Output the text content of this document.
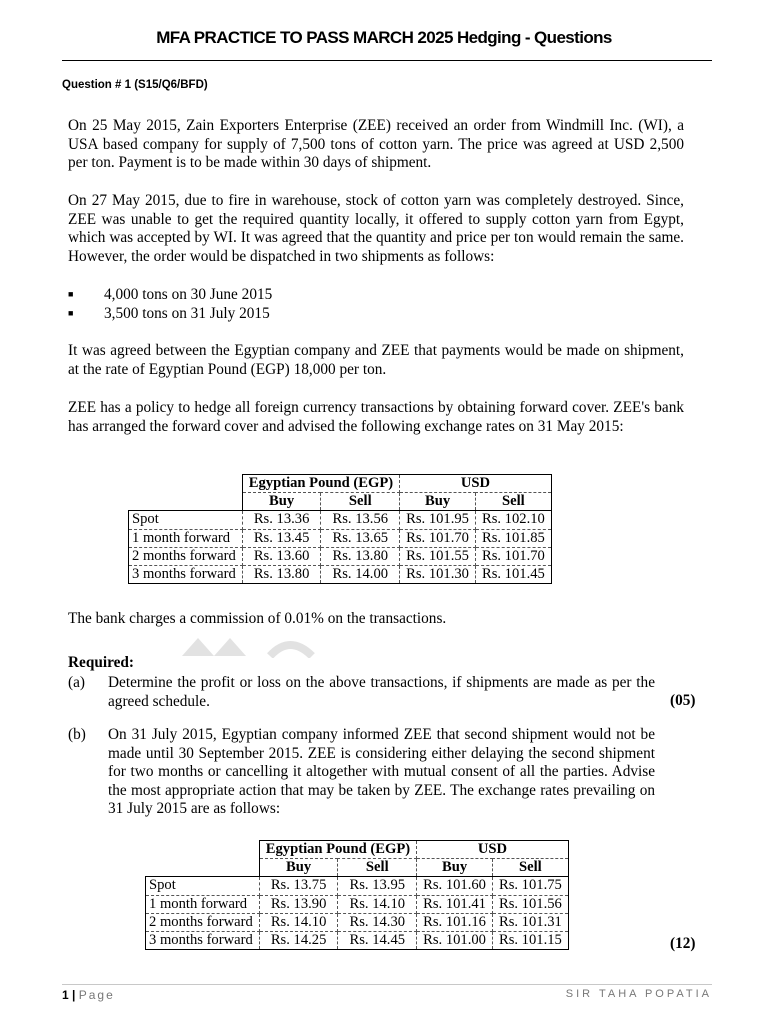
MFA PRACTICE TO PASS MARCH 2025 Hedging - Questions
Question # 1 (S15/Q6/BFD)

On 25 May 2015, Zain Exporters Enterprise (ZEE) received an order from Windmill Inc. (WI), a USA based company for supply of 7,500 tons of cotton yarn. The price was agreed at USD 2,500 per ton. Payment is to be made within 30 days of shipment.

On 27 May 2015, due to fire in warehouse, stock of cotton yarn was completely destroyed. Since, ZEE was unable to get the required quantity locally, it offered to supply cotton yarn from Egypt, which was accepted by WI. It was agreed that the quantity and price per ton would remain the same. However, the order would be dispatched in two shipments as follows:

■ 4,000 tons on 30 June 2015
■ 3,500 tons on 31 July 2015

It was agreed between the Egyptian company and ZEE that payments would be made on shipment, at the rate of Egyptian Pound (EGP) 18,000 per ton.

ZEE has a policy to hedge all foreign currency transactions by obtaining forward cover. ZEE's bank has arranged the forward cover and advised the following exchange rates on 31 May 2015:

	Egyptian Pound (EGP)		USD	
	Buy	Sell	Buy	Sell
Spot	Rs. 13.36	Rs. 13.56	Rs. 101.95	Rs. 102.10
1 month forward	Rs. 13.45	Rs. 13.65	Rs. 101.70	Rs. 101.85
2 months forward	Rs. 13.60	Rs. 13.80	Rs. 101.55	Rs. 101.70
3 months forward	Rs. 13.80	Rs. 14.00	Rs. 101.30	Rs. 101.45

The bank charges a commission of 0.01% on the transactions.

Required:
(a) Determine the profit or loss on the above transactions, if shipments are made as per the agreed schedule.	(05)
(b) On 31 July 2015, Egyptian company informed ZEE that second shipment would not be made until 30 September 2015. ZEE is considering either delaying the second shipment for two months or cancelling it altogether with mutual consent of all the parties. Advise the most appropriate action that may be taken by ZEE. The exchange rates prevailing on 31 July 2015 are as follows:

	Egyptian Pound (EGP)		USD	
	Buy	Sell	Buy	Sell
Spot	Rs. 13.75	Rs. 13.95	Rs. 101.60	Rs. 101.75
1 month forward	Rs. 13.90	Rs. 14.10	Rs. 101.41	Rs. 101.56
2 months forward	Rs. 14.10	Rs. 14.30	Rs. 101.16	Rs. 101.31
3 months forward	Rs. 14.25	Rs. 14.45	Rs. 101.00	Rs. 101.15	(12)
1 | Page	SIR TAHA POPATIA
